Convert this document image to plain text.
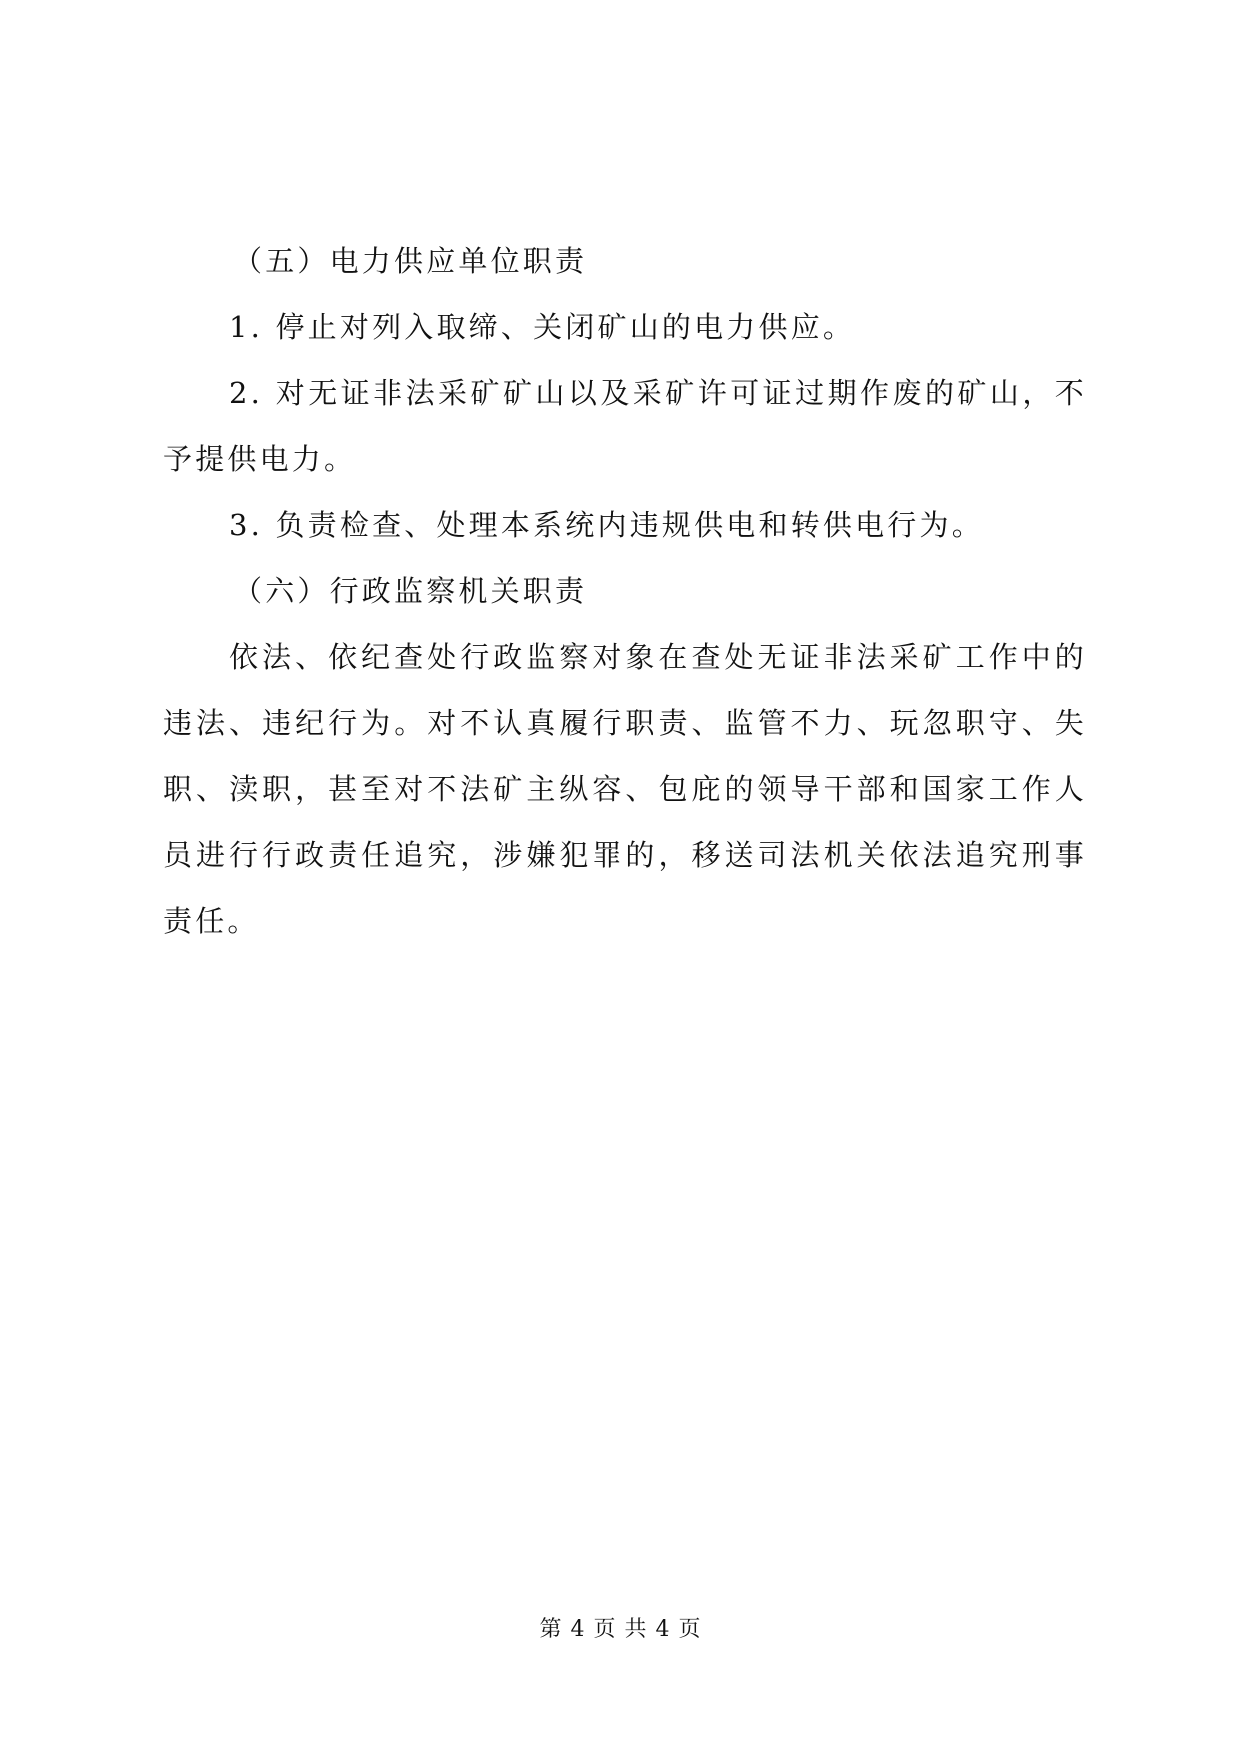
（五）电力供应单位职责

1. 停止对列入取缔、关闭矿山的电力供应。

2. 对无证非法采矿矿山以及采矿许可证过期作废的矿山，不予提供电力。

3. 负责检查、处理本系统内违规供电和转供电行为。

（六）行政监察机关职责

依法、依纪查处行政监察对象在查处无证非法采矿工作中的违法、违纪行为。对不认真履行职责、监管不力、玩忽职守、失职、渎职，甚至对不法矿主纵容、包庇的领导干部和国家工作人员进行行政责任追究，涉嫌犯罪的，移送司法机关依法追究刑事责任。

第 4 页 共 4 页
